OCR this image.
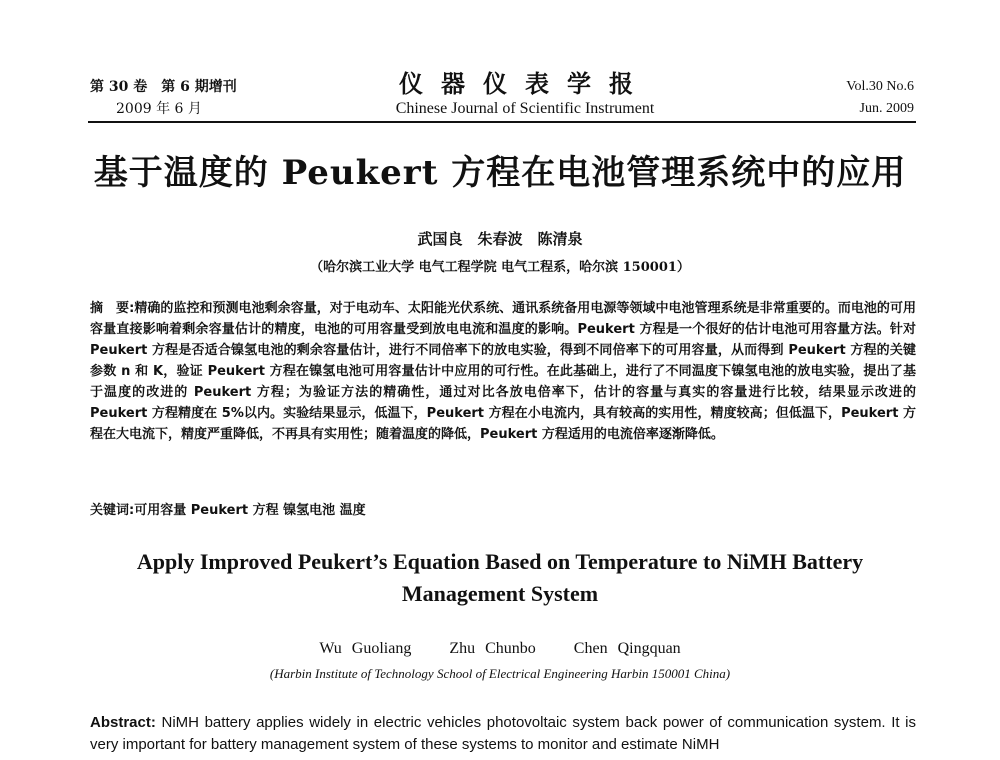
第 30 卷　第 6 期增刊
2009 年 6 月
仪器仪表学报
Chinese Journal of Scientific Instrument
Vol.30 No.6
Jun. 2009
基于温度的 Peukert 方程在电池管理系统中的应用
武国良　朱春波　陈清泉
（哈尔滨工业大学 电气工程学院 电气工程系，哈尔滨 150001）
摘　要:精确的监控和预测电池剩余容量，对于电动车、太阳能光伏系统、通讯系统备用电源等领域中电池管理系统是非常重要的。而电池的可用容量直接影响着剩余容量估计的精度，电池的可用容量受到放电电流和温度的影响。Peukert 方程是一个很好的估计电池可用容量方法。针对 Peukert 方程是否适合镍氢电池的剩余容量估计，进行不同倍率下的放电实验，得到不同倍率下的可用容量，从而得到 Peukert 方程的关键参数 n 和 K，验证 Peukert 方程在镍氢电池可用容量估计中应用的可行性。在此基础上，进行了不同温度下镍氢电池的放电实验，提出了基于温度的改进的 Peukert 方程；为验证方法的精确性，通过对比各放电倍率下，估计的容量与真实的容量进行比较，结果显示改进的 Peukert 方程精度在 5%以内。实验结果显示，低温下，Peukert 方程在小电流内，具有较高的实用性，精度较高；但低温下，Peukert 方程在大电流下，精度严重降低，不再具有实用性；随着温度的降低，Peukert 方程适用的电流倍率逐渐降低。
关键词:可用容量 Peukert 方程 镍氢电池 温度
Apply Improved Peukert’s Equation Based on Temperature to NiMH Battery Management System
Wu Guoliang Zhu Chunbo Chen Qingquan
(Harbin Institute of Technology School of Electrical Engineering Harbin 150001 China)
Abstract: NiMH battery applies widely in electric vehicles photovoltaic system back power of communication system. It is very important for battery management system of these systems to monitor and estimate NiMH
